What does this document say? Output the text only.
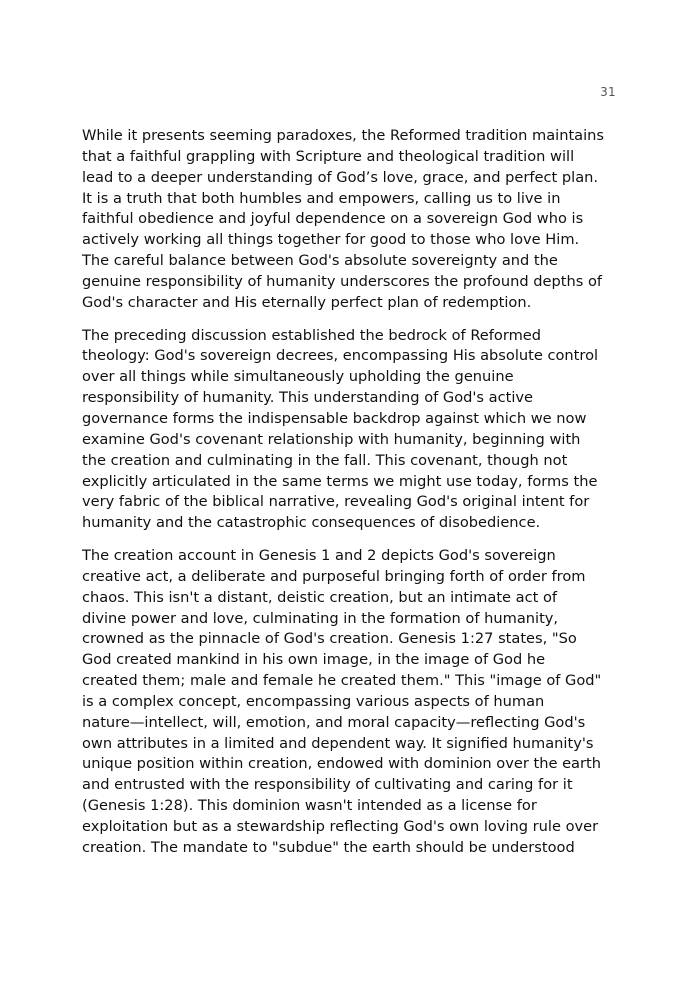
31

While it presents seeming paradoxes, the Reformed tradition maintains
that a faithful grappling with Scripture and theological tradition will
lead to a deeper understanding of God’s love, grace, and perfect plan.
It is a truth that both humbles and empowers, calling us to live in
faithful obedience and joyful dependence on a sovereign God who is
actively working all things together for good to those who love Him.
The careful balance between God's absolute sovereignty and the
genuine responsibility of humanity underscores the profound depths of
God's character and His eternally perfect plan of redemption.

The preceding discussion established the bedrock of Reformed
theology: God's sovereign decrees, encompassing His absolute control
over all things while simultaneously upholding the genuine
responsibility of humanity. This understanding of God's active
governance forms the indispensable backdrop against which we now
examine God's covenant relationship with humanity, beginning with
the creation and culminating in the fall. This covenant, though not
explicitly articulated in the same terms we might use today, forms the
very fabric of the biblical narrative, revealing God's original intent for
humanity and the catastrophic consequences of disobedience.

The creation account in Genesis 1 and 2 depicts God's sovereign
creative act, a deliberate and purposeful bringing forth of order from
chaos. This isn't a distant, deistic creation, but an intimate act of
divine power and love, culminating in the formation of humanity,
crowned as the pinnacle of God's creation. Genesis 1:27 states, "So
God created mankind in his own image, in the image of God he
created them; male and female he created them." This "image of God"
is a complex concept, encompassing various aspects of human
nature—intellect, will, emotion, and moral capacity—reflecting God's
own attributes in a limited and dependent way. It signified humanity's
unique position within creation, endowed with dominion over the earth
and entrusted with the responsibility of cultivating and caring for it
(Genesis 1:28). This dominion wasn't intended as a license for
exploitation but as a stewardship reflecting God's own loving rule over
creation. The mandate to "subdue" the earth should be understood
